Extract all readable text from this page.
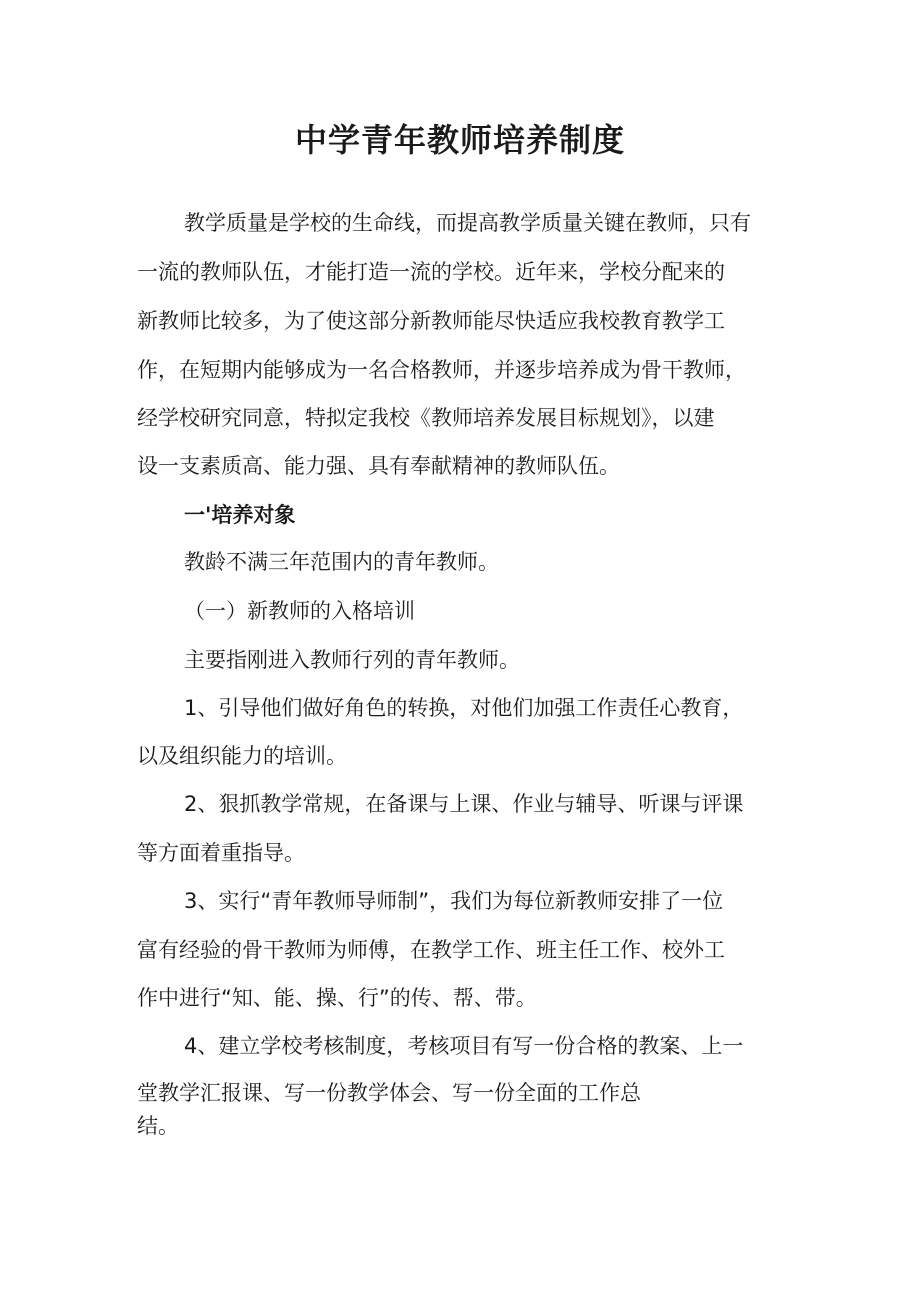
中学青年教师培养制度
教学质量是学校的生命线，而提高教学质量关键在教师，只有
一流的教师队伍，才能打造一流的学校。近年来，学校分配来的
新教师比较多，为了使这部分新教师能尽快适应我校教育教学工
作，在短期内能够成为一名合格教师，并逐步培养成为骨干教师，
经学校研究同意，特拟定我校《教师培养发展目标规划》，以建
设一支素质高、能力强、具有奉献精神的教师队伍。
一'培养对象
教龄不满三年范围内的青年教师。
（一）新教师的入格培训
主要指刚进入教师行列的青年教师。
1、引导他们做好角色的转换，对他们加强工作责任心教育，
以及组织能力的培训。
2、狠抓教学常规，在备课与上课、作业与辅导、听课与评课
等方面着重指导。
3、实行“青年教师导师制”，我们为每位新教师安排了一位
富有经验的骨干教师为师傅，在教学工作、班主任工作、校外工
作中进行“知、能、操、行”的传、帮、带。
4、建立学校考核制度，考核项目有写一份合格的教案、上一
堂教学汇报课、写一份教学体会、写一份全面的工作总
结。
